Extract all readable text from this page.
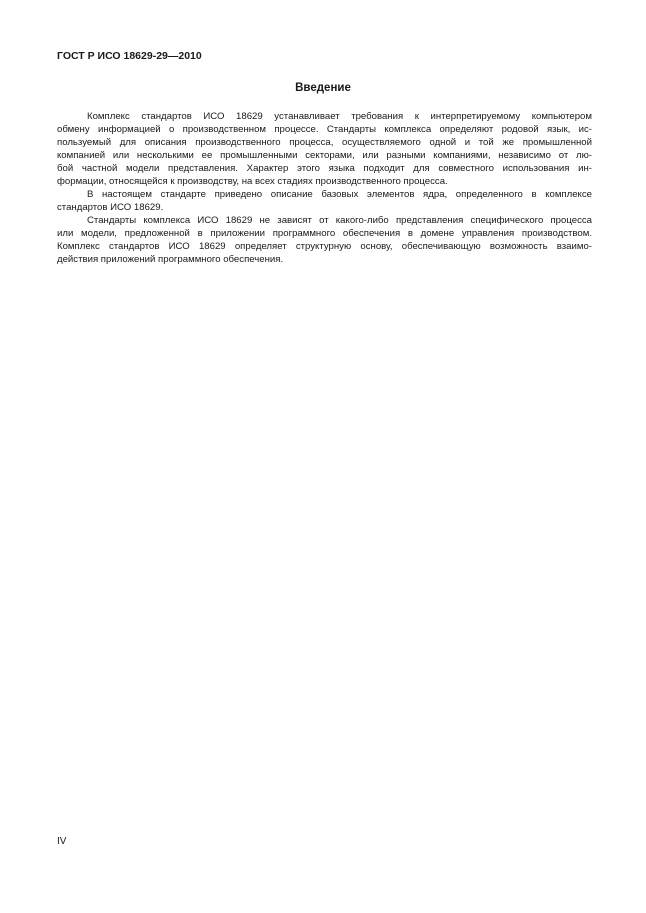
ГОСТ Р ИСО 18629-29—2010
Введение
Комплекс стандартов ИСО 18629 устанавливает требования к интерпретируемому компьютером
обмену информацией о производственном процессе. Стандарты комплекса определяют родовой язык, ис-
пользуемый для описания производственного процесса, осуществляемого одной и той же промышленной
компанией или несколькими ее промышленными секторами, или разными компаниями, независимо от лю-
бой частной модели представления. Характер этого языка подходит для совместного использования ин-
формации, относящейся к производству, на всех стадиях производственного процесса.
В настоящем стандарте приведено описание базовых элементов ядра, определенного в комплексе
стандартов ИСО 18629.
Стандарты комплекса ИСО 18629 не зависят от какого-либо представления специфического процесса
или модели, предложенной в приложении программного обеспечения в домене управления производством.
Комплекс стандартов ИСО 18629 определяет структурную основу, обеспечивающую возможность взаимо-
действия приложений программного обеспечения.
IV
